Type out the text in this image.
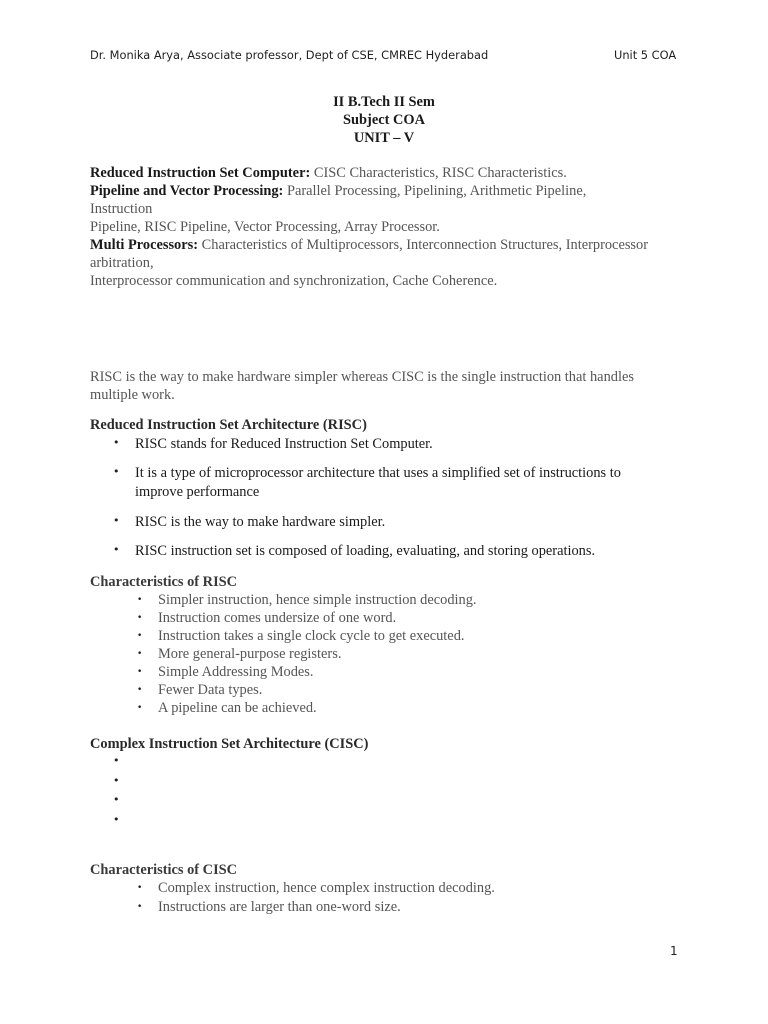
Dr. Monika Arya, Associate professor, Dept of CSE, CMREC Hyderabad	Unit 5 COA
II B.Tech II Sem
Subject COA
UNIT – V
Reduced Instruction Set Computer: CISC Characteristics, RISC Characteristics.
Pipeline and Vector Processing: Parallel Processing, Pipelining, Arithmetic Pipeline,
Instruction
Pipeline, RISC Pipeline, Vector Processing, Array Processor.
Multi Processors: Characteristics of Multiprocessors, Interconnection Structures, Interprocessor
arbitration,
Interprocessor communication and synchronization, Cache Coherence.
RISC is the way to make hardware simpler whereas CISC is the single instruction that handles
multiple work.
Reduced Instruction Set Architecture (RISC)
• RISC stands for Reduced Instruction Set Computer.
• It is a type of microprocessor architecture that uses a simplified set of instructions to
improve performance
• RISC is the way to make hardware simpler.
• RISC instruction set is composed of loading, evaluating, and storing operations.
Characteristics of RISC
• Simpler instruction, hence simple instruction decoding.
• Instruction comes undersize of one word.
• Instruction takes a single clock cycle to get executed.
• More general-purpose registers.
• Simple Addressing Modes.
• Fewer Data types.
• A pipeline can be achieved.
Complex Instruction Set Architecture (CISC)
•
•
•
•
Characteristics of CISC
• Complex instruction, hence complex instruction decoding.
• Instructions are larger than one-word size.
1
